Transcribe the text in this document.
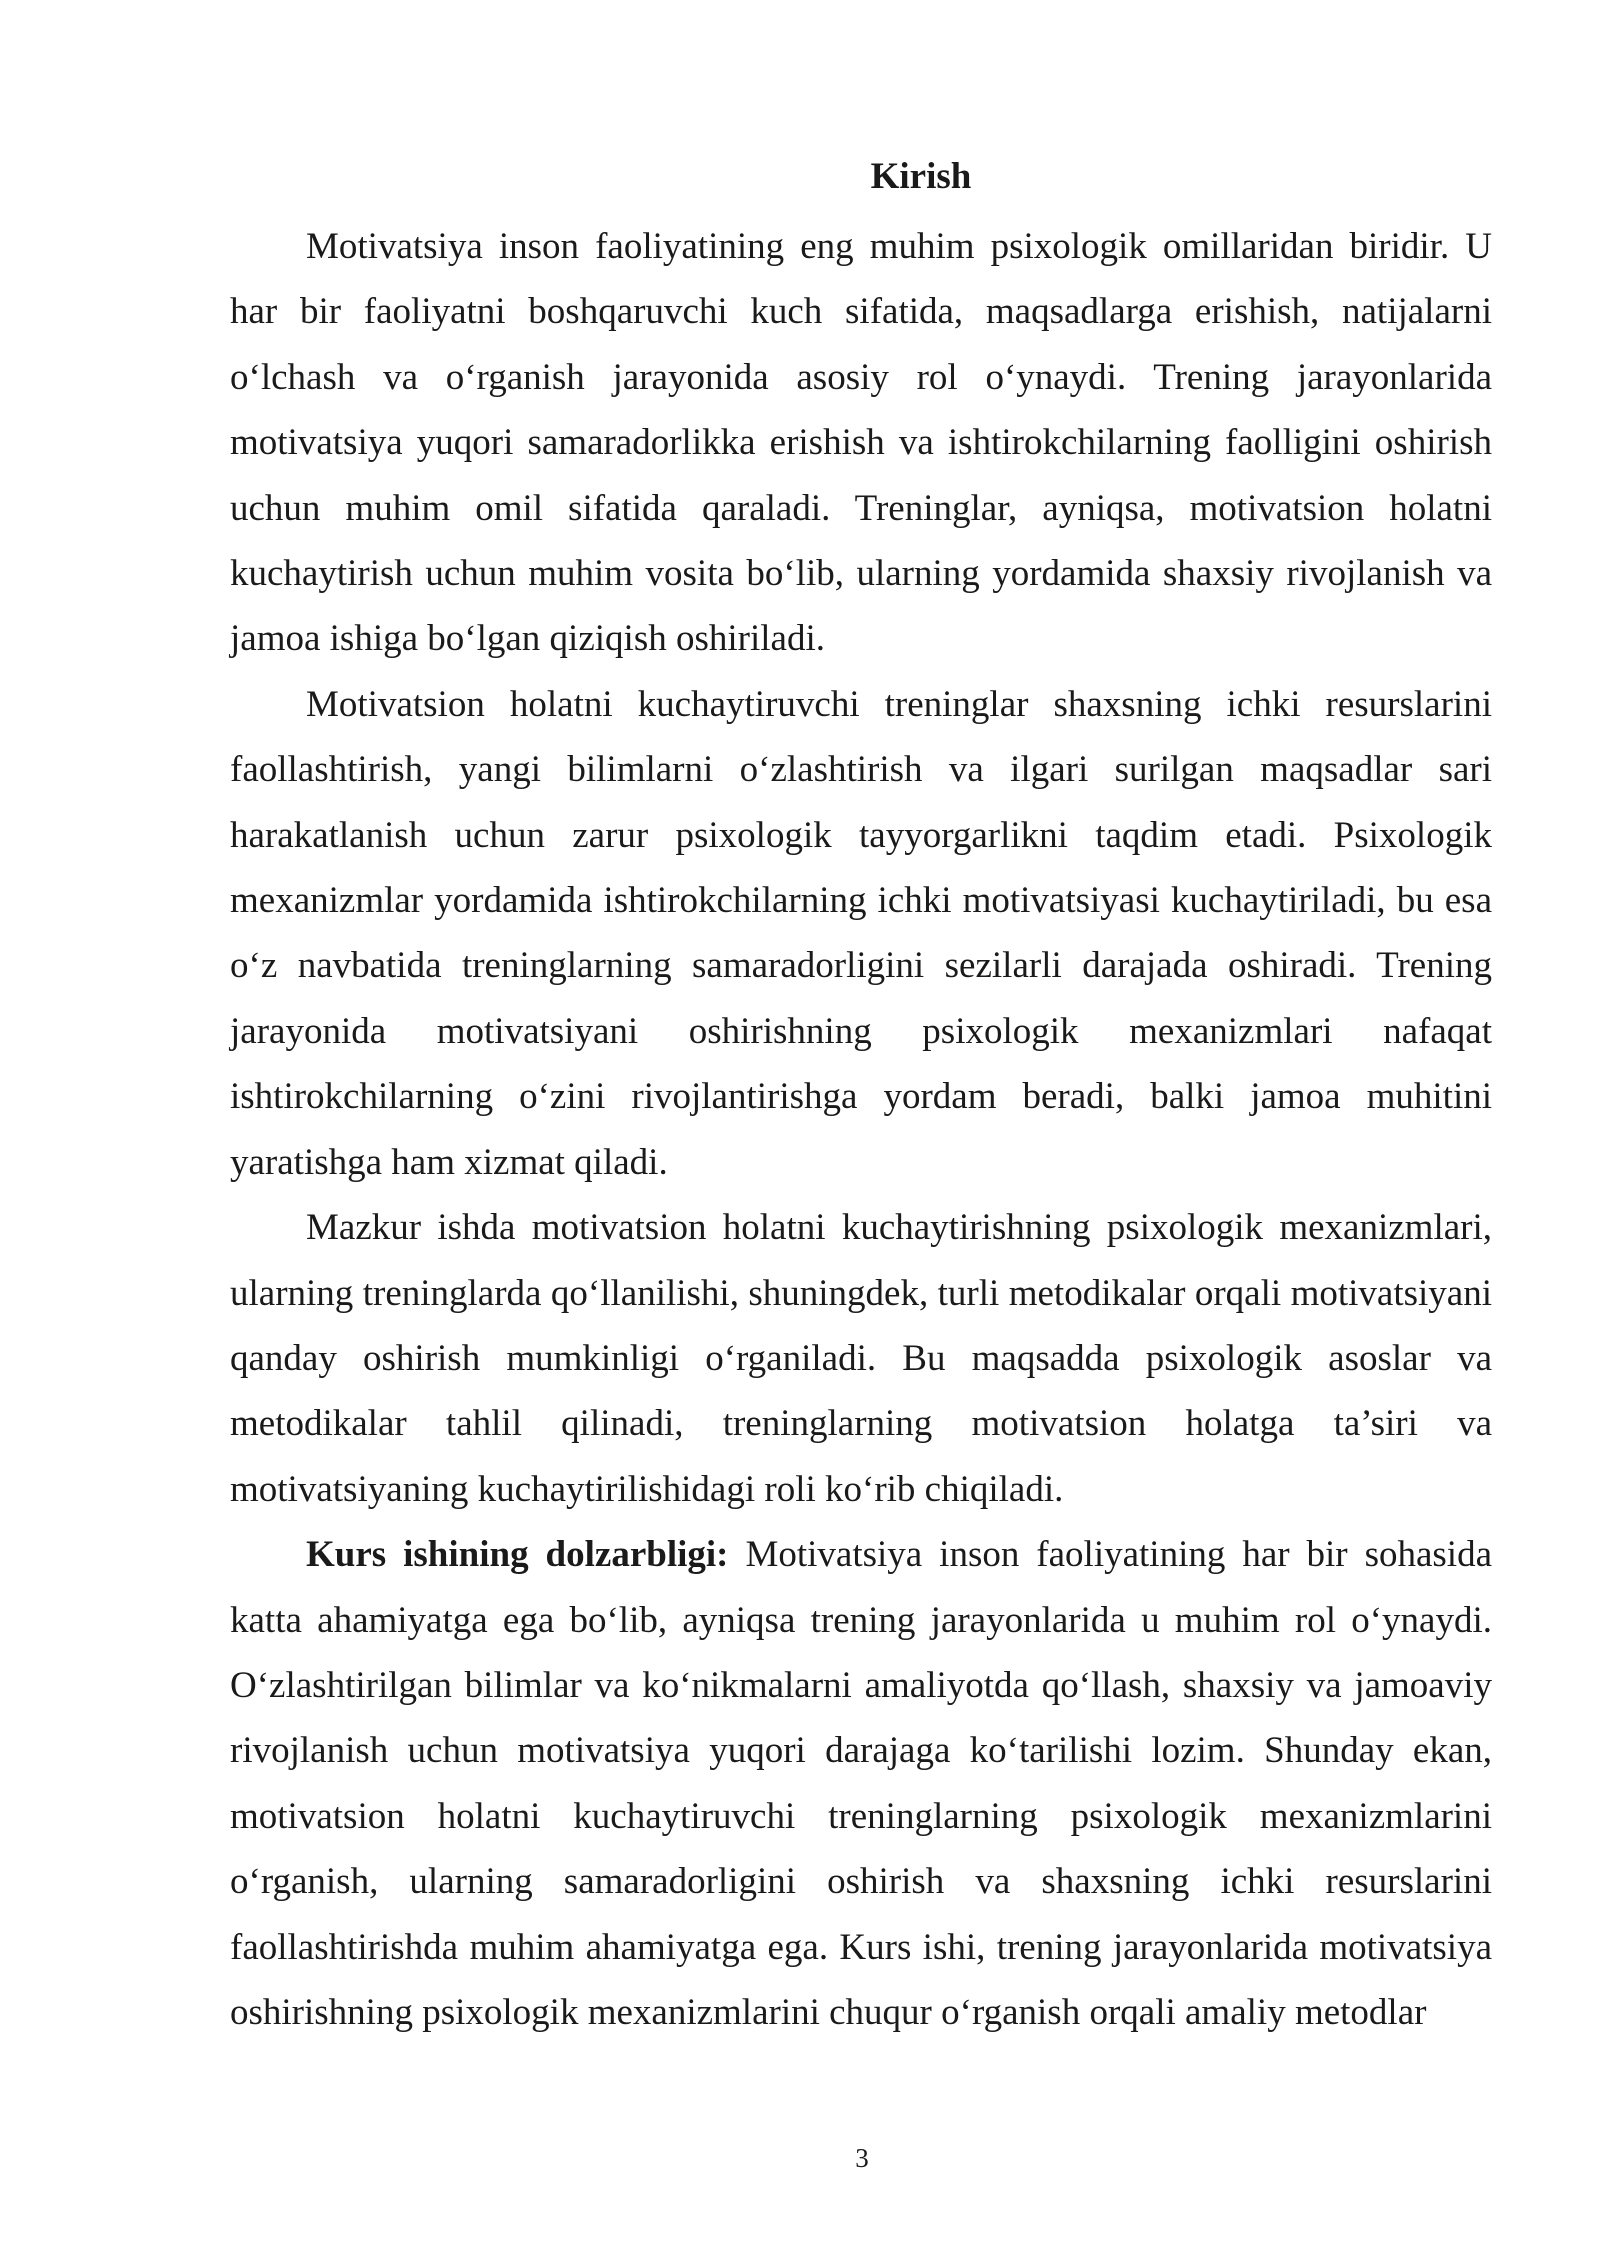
Kirish

Motivatsiya inson faoliyatining eng muhim psixologik omillaridan biridir. U har bir faoliyatni boshqaruvchi kuch sifatida, maqsadlarga erishish, natijalarni o‘lchash va o‘rganish jarayonida asosiy rol o‘ynaydi. Trening jarayonlarida motivatsiya yuqori samaradorlikka erishish va ishtirokchilarning faolligini oshirish uchun muhim omil sifatida qaraladi. Treninglar, ayniqsa, motivatsion holatni kuchaytirish uchun muhim vosita bo‘lib, ularning yordamida shaxsiy rivojlanish va jamoa ishiga bo‘lgan qiziqish oshiriladi.

Motivatsion holatni kuchaytiruvchi treninglar shaxsning ichki resurslarini faollashtirish, yangi bilimlarni o‘zlashtirish va ilgari surilgan maqsadlar sari harakatlanish uchun zarur psixologik tayyorgarlikni taqdim etadi. Psixologik mexanizmlar yordamida ishtirokchilarning ichki motivatsiyasi kuchaytiriladi, bu esa o‘z navbatida treninglarning samaradorligini sezilarli darajada oshiradi. Trening jarayonida motivatsiyani oshirishning psixologik mexanizmlari nafaqat ishtirokchilarning o‘zini rivojlantirishga yordam beradi, balki jamoa muhitini yaratishga ham xizmat qiladi.

Mazkur ishda motivatsion holatni kuchaytirishning psixologik mexanizmlari, ularning treninglarda qo‘llanilishi, shuningdek, turli metodikalar orqali motivatsiyani qanday oshirish mumkinligi o‘rganiladi. Bu maqsadda psixologik asoslar va metodikalar tahlil qilinadi, treninglarning motivatsion holatga ta’siri va motivatsiyaning kuchaytirilishidagi roli ko‘rib chiqiladi.

Kurs ishining dolzarbligi: Motivatsiya inson faoliyatining har bir sohasida katta ahamiyatga ega bo‘lib, ayniqsa trening jarayonlarida u muhim rol o‘ynaydi. O‘zlashtirilgan bilimlar va ko‘nikmalarni amaliyotda qo‘llash, shaxsiy va jamoaviy rivojlanish uchun motivatsiya yuqori darajaga ko‘tarilishi lozim. Shunday ekan, motivatsion holatni kuchaytiruvchi treninglarning psixologik mexanizmlarini o‘rganish, ularning samaradorligini oshirish va shaxsning ichki resurslarini faollashtirishda muhim ahamiyatga ega. Kurs ishi, trening jarayonlarida motivatsiya oshirishning psixologik mexanizmlarini chuqur o‘rganish orqali amaliy metodlar

3
